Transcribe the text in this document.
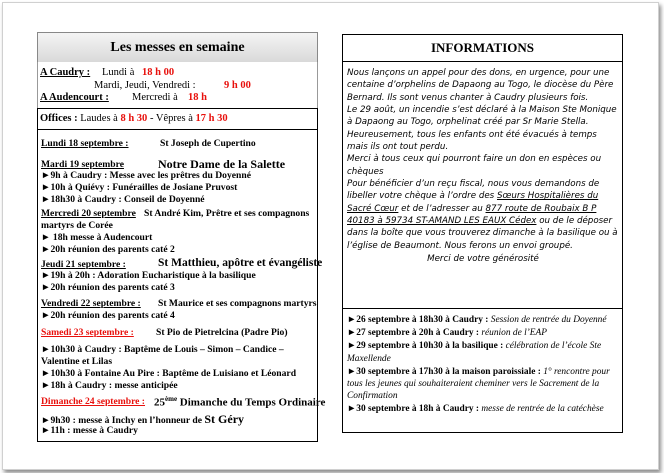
Les messes en semaine
A Caudry : Lundi à 18 h 00
Mardi, Jeudi, Vendredi :	9 h 00
A Audencourt : Mercredi à 18 h
Offices : Laudes à 8 h 30 - Vêpres à 17 h 30
Lundi 18 septembre :	St Joseph de Cupertino
Mardi 19 septembre	Notre Dame de la Salette
►9h à Caudry : Messe avec les prêtres du Doyenné
►10h à Quiévy : Funérailles de Josiane Pruvost
►18h30 à Caudry : Conseil de Doyenné
Mercredi 20 septembre St André Kim, Prêtre et ses compagnons
martyrs de Corée
► 18h messe à Audencourt
►20h réunion des parents caté 2
Jeudi 21 septembre :	St Matthieu, apôtre et évangéliste
►19h à 20h : Adoration Eucharistique à la basilique
►20h réunion des parents caté 3
Vendredi 22 septembre : St Maurice et ses compagnons martyrs
►20h réunion des parents caté 4
Samedi 23 septembre : St Pio de Pietrelcina (Padre Pio)
►10h30 à Caudry : Baptême de Louis – Simon – Candice –
Valentine et Lilas
►10h30 à Fontaine Au Pire : Baptême de Luisiano et Léonard
►18h à Caudry : messe anticipée
Dimanche 24 septembre : 25ème Dimanche du Temps Ordinaire
►9h30 : messe à Inchy en l’honneur de St Géry
►11h : messe à Caudry
INFORMATIONS

Nous lançons un appel pour des dons, en urgence, pour une centaine d’orphelins de Dapaong au Togo, le diocèse du Père Bernard. Ils sont venus chanter à Caudry plusieurs fois.

Le 29 août, un incendie s’est déclaré à la Maison Ste Monique à Dapaong au Togo, orphelinat créé par Sr Marie Stella. Heureusement, tous les enfants ont été évacués à temps mais ils ont tout perdu.

Merci à tous ceux qui pourront faire un don en espèces ou chèques

Pour bénéficier d’un reçu fiscal, nous vous demandons de libeller votre chèque à l’ordre des Sœurs Hospitalières du Sacré Cœur et de l’adresser au 877 route de Roubaix B P 40183 à 59734 ST-AMAND LES EAUX Cédex ou de le déposer dans la boîte que vous trouverez dimanche à la basilique ou à l’église de Beaumont. Nous ferons un envoi groupé.

Merci de votre générosité

►26 septembre à 18h30 à Caudry : Session de rentrée du Doyenné

►27 septembre à 20h à Caudry : réunion de l’EAP

►29 septembre à 10h30 à la basilique : célébration de l’école Ste Maxellende

►30 septembre à 17h30 à la maison paroissiale : 1° rencontre pour tous les jeunes qui souhaiteraient cheminer vers le Sacrement de la Confirmation

►30 septembre à 18h à Caudry : messe de rentrée de la catéchèse
